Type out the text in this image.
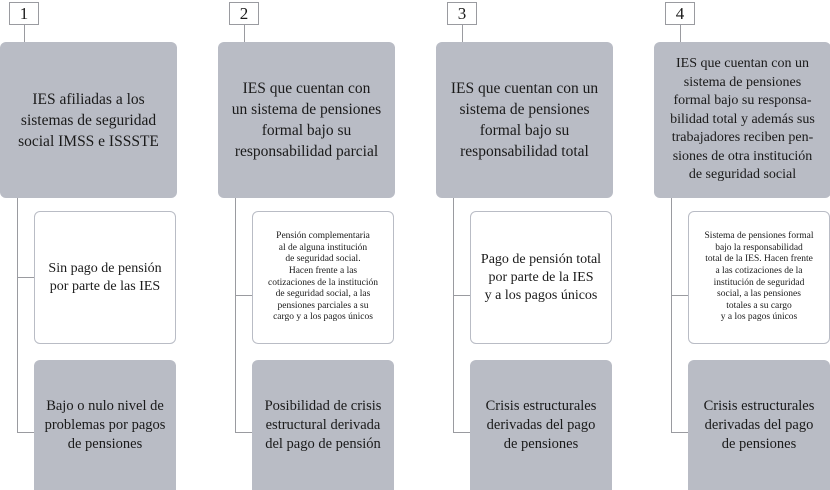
1
IES afiliadas a los
sistemas de seguridad
social IMSS e ISSSTE
Sin pago de pensión
por parte de las IES
Bajo o nulo nivel de
problemas por pagos
de pensiones
2
IES que cuentan con
un sistema de pensiones
formal bajo su
responsabilidad parcial
Pensión complementaria
al de alguna institución
de seguridad social.
Hacen frente a las
cotizaciones de la institución
de seguridad social, a las
pensiones parciales a su
cargo y a los pagos únicos
Posibilidad de crisis
estructural derivada
del pago de pensión
3
IES que cuentan con un
sistema de pensiones
formal bajo su
responsabilidad total
Pago de pensión total
por parte de la IES
y a los pagos únicos
Crisis estructurales
derivadas del pago
de pensiones
4
IES que cuentan con un
sistema de pensiones
formal bajo su responsa-
bilidad total y además sus
trabajadores reciben pen-
siones de otra institución
de seguridad social
Sistema de pensiones formal
bajo la responsabilidad
total de la IES. Hacen frente
a las cotizaciones de la
institución de seguridad
social, a las pensiones
totales a su cargo
y a los pagos únicos
Crisis estructurales
derivadas del pago
de pensiones
